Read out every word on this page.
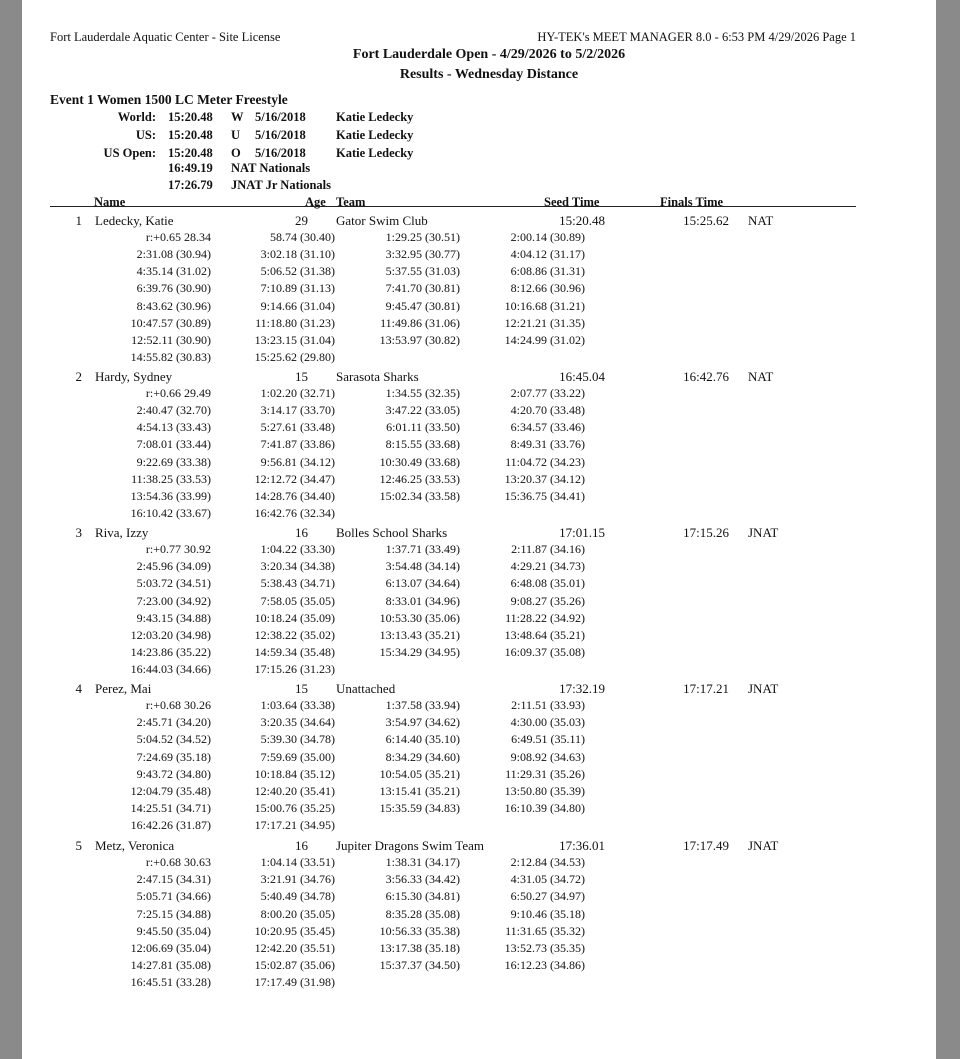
Fort Lauderdale Aquatic Center - Site License	HY-TEK's MEET MANAGER 8.0 - 6:53 PM 4/29/2026 Page 1
Fort Lauderdale Open - 4/29/2026 to 5/2/2026
Results - Wednesday Distance
Event 1 Women 1500 LC Meter Freestyle
World: 15:20.48 W 5/16/2018 Katie Ledecky
US: 15:20.48 U 5/16/2018 Katie Ledecky
US Open: 15:20.48 O 5/16/2018 Katie Ledecky
16:49.19 NAT Nationals
17:26.79 JNAT Jr Nationals
Name	Age Team	Seed Time	Finals Time
1 Ledecky, Katie	29 Gator Swim Club	15:20.48	15:25.62 NAT
r:+0.65 28.34	58.74 (30.40)	1:29.25 (30.51)	2:00.14 (30.89)
2:31.08 (30.94)	3:02.18 (31.10)	3:32.95 (30.77)	4:04.12 (31.17)
4:35.14 (31.02)	5:06.52 (31.38)	5:37.55 (31.03)	6:08.86 (31.31)
6:39.76 (30.90)	7:10.89 (31.13)	7:41.70 (30.81)	8:12.66 (30.96)
8:43.62 (30.96)	9:14.66 (31.04)	9:45.47 (30.81)	10:16.68 (31.21)
10:47.57 (30.89)	11:18.80 (31.23)	11:49.86 (31.06)	12:21.21 (31.35)
12:52.11 (30.90)	13:23.15 (31.04)	13:53.97 (30.82)	14:24.99 (31.02)
14:55.82 (30.83)	15:25.62 (29.80)
2 Hardy, Sydney	15 Sarasota Sharks	16:45.04	16:42.76 NAT
r:+0.66 29.49	1:02.20 (32.71)	1:34.55 (32.35)	2:07.77 (33.22)
2:40.47 (32.70)	3:14.17 (33.70)	3:47.22 (33.05)	4:20.70 (33.48)
4:54.13 (33.43)	5:27.61 (33.48)	6:01.11 (33.50)	6:34.57 (33.46)
7:08.01 (33.44)	7:41.87 (33.86)	8:15.55 (33.68)	8:49.31 (33.76)
9:22.69 (33.38)	9:56.81 (34.12)	10:30.49 (33.68)	11:04.72 (34.23)
11:38.25 (33.53)	12:12.72 (34.47)	12:46.25 (33.53)	13:20.37 (34.12)
13:54.36 (33.99)	14:28.76 (34.40)	15:02.34 (33.58)	15:36.75 (34.41)
16:10.42 (33.67)	16:42.76 (32.34)
3 Riva, Izzy	16 Bolles School Sharks	17:01.15	17:15.26 JNAT
r:+0.77 30.92	1:04.22 (33.30)	1:37.71 (33.49)	2:11.87 (34.16)
2:45.96 (34.09)	3:20.34 (34.38)	3:54.48 (34.14)	4:29.21 (34.73)
5:03.72 (34.51)	5:38.43 (34.71)	6:13.07 (34.64)	6:48.08 (35.01)
7:23.00 (34.92)	7:58.05 (35.05)	8:33.01 (34.96)	9:08.27 (35.26)
9:43.15 (34.88)	10:18.24 (35.09)	10:53.30 (35.06)	11:28.22 (34.92)
12:03.20 (34.98)	12:38.22 (35.02)	13:13.43 (35.21)	13:48.64 (35.21)
14:23.86 (35.22)	14:59.34 (35.48)	15:34.29 (34.95)	16:09.37 (35.08)
16:44.03 (34.66)	17:15.26 (31.23)
4 Perez, Mai	15 Unattached	17:32.19	17:17.21 JNAT
r:+0.68 30.26	1:03.64 (33.38)	1:37.58 (33.94)	2:11.51 (33.93)
2:45.71 (34.20)	3:20.35 (34.64)	3:54.97 (34.62)	4:30.00 (35.03)
5:04.52 (34.52)	5:39.30 (34.78)	6:14.40 (35.10)	6:49.51 (35.11)
7:24.69 (35.18)	7:59.69 (35.00)	8:34.29 (34.60)	9:08.92 (34.63)
9:43.72 (34.80)	10:18.84 (35.12)	10:54.05 (35.21)	11:29.31 (35.26)
12:04.79 (35.48)	12:40.20 (35.41)	13:15.41 (35.21)	13:50.80 (35.39)
14:25.51 (34.71)	15:00.76 (35.25)	15:35.59 (34.83)	16:10.39 (34.80)
16:42.26 (31.87)	17:17.21 (34.95)
5 Metz, Veronica	16 Jupiter Dragons Swim Team	17:36.01	17:17.49 JNAT
r:+0.68 30.63	1:04.14 (33.51)	1:38.31 (34.17)	2:12.84 (34.53)
2:47.15 (34.31)	3:21.91 (34.76)	3:56.33 (34.42)	4:31.05 (34.72)
5:05.71 (34.66)	5:40.49 (34.78)	6:15.30 (34.81)	6:50.27 (34.97)
7:25.15 (34.88)	8:00.20 (35.05)	8:35.28 (35.08)	9:10.46 (35.18)
9:45.50 (35.04)	10:20.95 (35.45)	10:56.33 (35.38)	11:31.65 (35.32)
12:06.69 (35.04)	12:42.20 (35.51)	13:17.38 (35.18)	13:52.73 (35.35)
14:27.81 (35.08)	15:02.87 (35.06)	15:37.37 (34.50)	16:12.23 (34.86)
16:45.51 (33.28)	17:17.49 (31.98)
